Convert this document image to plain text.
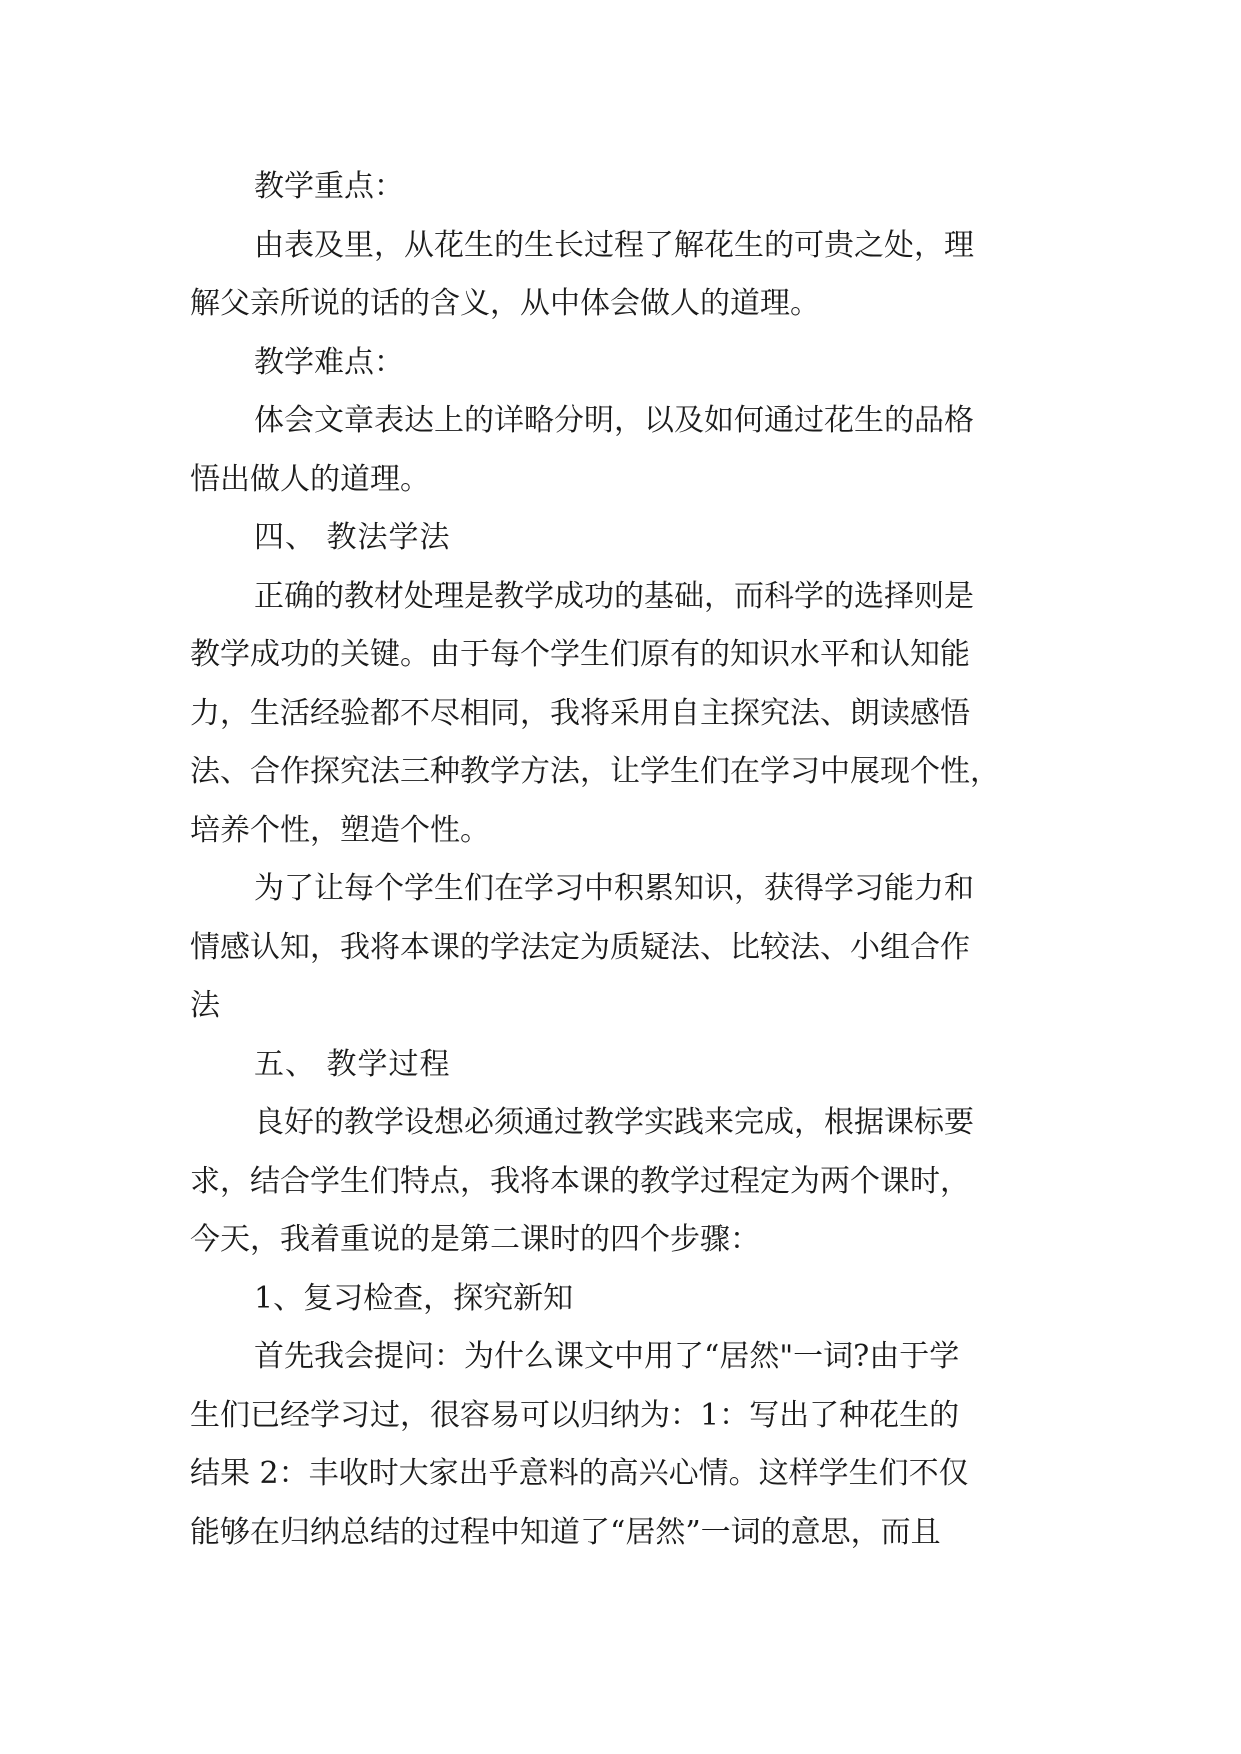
教学重点：
由表及里，从花生的生长过程了解花生的可贵之处，理
解父亲所说的话的含义，从中体会做人的道理。
教学难点：
体会文章表达上的详略分明，以及如何通过花生的品格
悟出做人的道理。
四、 教法学法
正确的教材处理是教学成功的基础，而科学的选择则是
教学成功的关键。由于每个学生们原有的知识水平和认知能
力，生活经验都不尽相同，我将采用自主探究法、朗读感悟
法、合作探究法三种教学方法，让学生们在学习中展现个性，
培养个性，塑造个性。
为了让每个学生们在学习中积累知识，获得学习能力和
情感认知，我将本课的学法定为质疑法、比较法、小组合作
法
五、 教学过程
良好的教学设想必须通过教学实践来完成，根据课标要
求，结合学生们特点，我将本课的教学过程定为两个课时，
今天，我着重说的是第二课时的四个步骤：
1、复习检查，探究新知
首先我会提问：为什么课文中用了“居然"一词?由于学
生们已经学习过，很容易可以归纳为：1：写出了种花生的
结果 2：丰收时大家出乎意料的高兴心情。这样学生们不仅
能够在归纳总结的过程中知道了“居然”一词的意思，而且
